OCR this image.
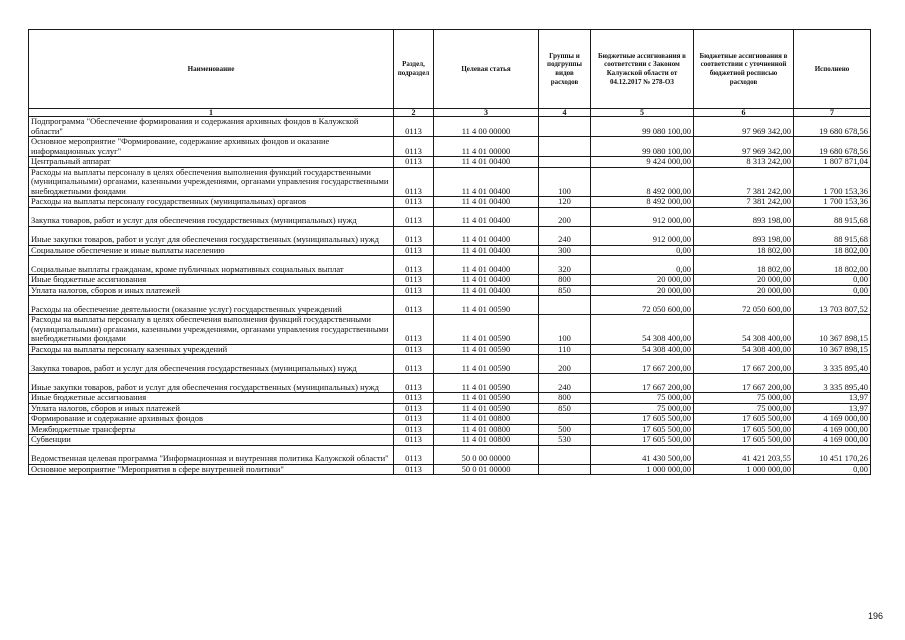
Наименование	Раздел, подраздел	Целевая статья	Группы и подгруппы видов расходов	Бюджетные ассигнования в соответствии с Законом Калужской области от 04.12.2017 № 278-ОЗ	Бюджетные ассигнования в соответствии с уточненной бюджетной росписью расходов	Исполнено
1	2	3	4	5	6	7
Подпрограмма "Обеспечение формирования и содержания архивных фондов в Калужской области"	0113	11 4 00 00000		99 080 100,00	97 969 342,00	19 680 678,56
Основное мероприятие "Формирование, содержание архивных фондов и оказание информационных услуг"	0113	11 4 01 00000		99 080 100,00	97 969 342,00	19 680 678,56
Центральный аппарат	0113	11 4 01 00400		9 424 000,00	8 313 242,00	1 807 871,04
Расходы на выплаты персоналу в целях обеспечения выполнения функций государственными (муниципальными) органами, казенными учреждениями, органами управления государственными внебюджетными фондами	0113	11 4 01 00400	100	8 492 000,00	7 381 242,00	1 700 153,36
Расходы на выплаты персоналу государственных (муниципальных) органов	0113	11 4 01 00400	120	8 492 000,00	7 381 242,00	1 700 153,36
Закупка товаров, работ и услуг для обеспечения государственных (муниципальных) нужд	0113	11 4 01 00400	200	912 000,00	893 198,00	88 915,68
Иные закупки товаров, работ и услуг для обеспечения государственных (муниципальных) нужд	0113	11 4 01 00400	240	912 000,00	893 198,00	88 915,68
Социальное обеспечение и иные выплаты населению	0113	11 4 01 00400	300	0,00	18 802,00	18 802,00
Социальные выплаты гражданам, кроме публичных нормативных социальных выплат	0113	11 4 01 00400	320	0,00	18 802,00	18 802,00
Иные бюджетные ассигнования	0113	11 4 01 00400	800	20 000,00	20 000,00	0,00
Уплата налогов, сборов и иных платежей	0113	11 4 01 00400	850	20 000,00	20 000,00	0,00
Расходы на обеспечение деятельности (оказание услуг) государственных учреждений	0113	11 4 01 00590		72 050 600,00	72 050 600,00	13 703 807,52
Расходы на выплаты персоналу в целях обеспечения выполнения функций государственными (муниципальными) органами, казенными учреждениями, органами управления государственными внебюджетными фондами	0113	11 4 01 00590	100	54 308 400,00	54 308 400,00	10 367 898,15
Расходы на выплаты персоналу казенных учреждений	0113	11 4 01 00590	110	54 308 400,00	54 308 400,00	10 367 898,15
Закупка товаров, работ и услуг для обеспечения государственных (муниципальных) нужд	0113	11 4 01 00590	200	17 667 200,00	17 667 200,00	3 335 895,40
Иные закупки товаров, работ и услуг для обеспечения государственных (муниципальных) нужд	0113	11 4 01 00590	240	17 667 200,00	17 667 200,00	3 335 895,40
Иные бюджетные ассигнования	0113	11 4 01 00590	800	75 000,00	75 000,00	13,97
Уплата налогов, сборов и иных платежей	0113	11 4 01 00590	850	75 000,00	75 000,00	13,97
Формирование и содержание архивных фондов	0113	11 4 01 00800		17 605 500,00	17 605 500,00	4 169 000,00
Межбюджетные трансферты	0113	11 4 01 00800	500	17 605 500,00	17 605 500,00	4 169 000,00
Субвенции	0113	11 4 01 00800	530	17 605 500,00	17 605 500,00	4 169 000,00
Ведомственная целевая программа "Информационная и внутренняя политика Калужской области"	0113	50 0 00 00000		41 430 500,00	41 421 203,55	10 451 170,26
Основное мероприятие "Мероприятия в сфере внутренней политики"	0113	50 0 01 00000		1 000 000,00	1 000 000,00	0,00
196
